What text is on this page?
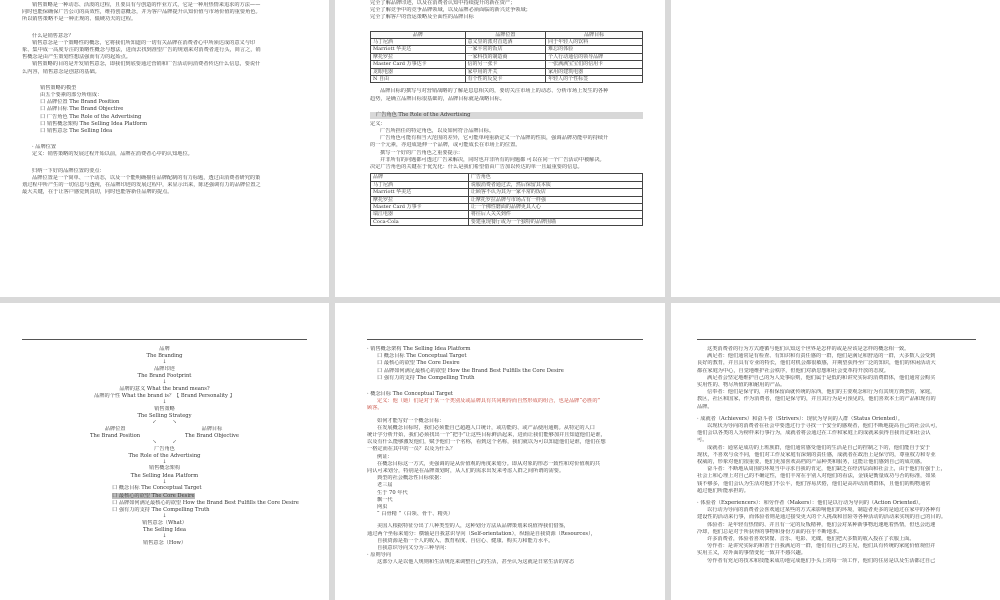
销售策略是一种动态、活泼的过程，且要具有与创造的作业方式，它是一种用热情来追求的方法——

同时也能保确保广告公司的高效性，维持创意概念，并为客户品牌提升认知价值与市场价值的重要角色。

所以销售策略不是一种正规的、僵硬功夫的过程。

什么是销售意念？

销售意念是一个策略性的概念，它将我们所知道的一切有关品牌在消费者心中所须达成的意义与印

象、集中成一高度专注的策略性概念与想法，进而去找到准望广告的规划来对消费者进行头，简言之，销

售概念是由产生策划性想法强而有力的起始点。

销售策略的目的是开发销售意念，即我们到底要通过营销和广告活动向消费者传达什么信息，要说什

么内容，销售意念是创意的基础。

销售策略的模型

由五个要素的部分所组成：

口 品牌位置 The Brand Position

口 品牌目标 The Brand Objective

口 广告角色 The Role of the Advertising

口 销售概念架构 The Selling Idea Platform

口 销售意念 The Selling Idea

· 品牌位置

定义：销售策略的发展过程开始以前，品牌在消费者心中的认知地位。

归纳一下好的品牌位置的要点：

品牌位置是一个简单、一个动态，以及一个能明确描任品牌配制的有力标题，透过由消费者研究的策

划过程中所产生的一切信息与透视，在品牌印迹的发展过程中，来显示出来，陈述强调有力的品牌位置之

最大关键，在于让客户感觉到真切，同时也能客新任品牌的提点。

完全了解品牌印迹，以及在消费者认知中持续提升的新在资产；

完全了解竞争中的竞争品牌领域，以及品牌必须面临的新兴竞争领域；

完全了解客户的营运策略及全面性的品牌目标

品牌	品牌位置	品牌目标
马丁尼酒	意义里的派对首选酒	同于年轻人的饮料
Marriott 华美达	一家平常的饭店	难忘的体验
摩托罗拉	一家科技的制造商	个人行动通信的领导品牌
Master Card 万事达卡	信的另一张卡	一张满满宝宝们的信用卡
龙眼电器	家中用的开关	家用的建筑电器
N 自由	有个性的反复卡	年轻人的个性标签

品牌目标的撰写与对营销战略的了解是息息相关的，要切关注市场上的动态、分析市场上发生的各种

趋势，是确立品牌目标很基础的，品牌目标就是战略目标。

广告角色 The Role of the Advertising

定义：

广告所担任的特定角色，以及如何符合品牌目标。

广告角色可能有相当大范围的差异，它可能单纯重新定义一个品牌的性质，强调品牌功能中的持续升

的一个元素，亦进成延伸一个品牌，或可能成长在市场上的位置。

撰写一个好的广告角色之重要提示：

并非所有的问题都可透过广告来解决，同时也并非所有的问题都 可以在同一个广告活动中被解决。

决定广告角色的关键在于优先化：什么是我们希望借由广告加以传达的单一且最重要的信息。

品牌	广告角色
马丁尼酒	说服消费者通过去，然后保留其本质
Marriott 华美达	让顾客不认为其为一家平常的饭店
摩托罗拉	让摩托罗拉品牌与市场占有一样强
Master Card 万事卡	让一个佛性磨面的品牌更具人心
瑞江电器	将往后人关关到件
Coca-Cola	要建重现餐厅或为一个独特的品牌围墙

品牌

The Branding

↓

品牌印迹

The Brand Footprint

↓

品牌的意义 What the brand means?

品牌的个性 What the brand is？【 Brand Personality 】

↓

销售策略

The Selling Strategy

↙          ↘

品牌位置

The Brand Position

品牌目标

The Brand Objective

↘          ↙

广告角色

The Role of the Advertising

↓

销售概念架构

The Selling Idea Platform

↓

口 概念目标 The Conceptual Target

口 最核心的欲望 The Core Desire

口 品牌如何满足最核心的欲望 How the Brand Best Fulfills the Core Desire

口 强有力的支持 The Compelling Truth

↓

销售意念（What）

The Selling Idea

↓

销售意念（How）

· 销售概念架构 The Selling Idea Platform

口 概念目标 The Conceptual Target

口 最核心的欲望 The Core Desire

口 品牌如何满足最核心的欲望 How the Brand Best Fulfills the Core Desire

口 强有力的支持 The Compelling Truth

· 概念目标 The Conceptual Target

定义：他（她）们是对于某一个类别及或品牌具有共同期待而自然形成的组合，也是品牌“必胜的”

顾客。

如何才能写好一个概念目标：

在发展概念目标时，我们必须能自已超越人口统计，或功能的、或产品使用通则。从特定的人口

统计学分析开始，我们必须找出一个“把手”让这些目标鲜活起来，进而让我们能够加并且知道他们是谁，

以及有什么能够激发他们，赋予他们一个名称，看到这个名称，我们就以为可以知道他们是谁，他们在想

一格定而在其中的一员？以及为什么？

例证：

在概念目标这一方式，更强调的是从价值观的角度来划分。即从对象的形态一致性和对价值观的共

同认可来划分，特别是在品牌策划时，从人们的需求出发来考虑人群之间所谓的需要。

典型的社会概念性目标依据：

老三届

生于 70 年代

飘一代

网虫

“ 白骨精 ”（白领、骨干、精英）

美国人根据特征分出了八种类型的人，这种划分方法从品牌策划来说值得我们借鉴，

通过两个坐标来划分：横轴是自我意识导向（Self-orientation），纵轴是自我资源（Resources），

自我资源是指一个人的收入、教育程度、自信心、健康、购买力和能力水平。

自我意识导向又分为三种导向：

· 原则导向

这部分人是以他人规则和生活规范来调整自己的生活，甚至认为这就是日常生活的常态

这类消费者的行为方式遵循与他们认知这个世界是怎样的或是应该是怎样的概念相一致。

满足者：他们通常是有检查、有知识和有责任感的一群，他们是满足和舒适的一群，大多数人会受到

良好的教育，并且具有专业的特长，他们对机会都很敏感，并期望获得至广泛的知识，他们的休闲活动大

都在家庭为中心，自觉地维护社会秩序，但他们对新思想和社会变革持开放的态度。

满足者会坚定地维护自己的为人处事原则，他们属于是低的和讲究实际的消费群体，他们通常会购买

实用性的、物尽所值的和耐用的产品。

信奉者：他们是保守的，并相保留面就传统的东西，他们的主要观念和行为有其规方典型的，家庭，

教区，社区和国家，作为消费者，他们是保守的，并且其行为是可预见的，他们喜欢本土的产品和现有的

品牌。

· 成就者（Achievers）和奋斗者（Strivers）：现状为导向的人群（Status Oriented）。

以现状为导向的消费者在社会中要透过行于寻找一个安全的感观者，他们不断地提高自己的社会认可，

他们会以各类的人为榜样来行事行为，成就者将会通过在工作和家庭上的成就来获得自我肯定和社会认

可。

成就者：通常是成功的上班族群，他们通常感受他们的生活是自己的控制之下的，他们能自于安于

现状，不喜欢与众不同，他们对工作及家庭有深刻的责任感，成就者在政治上是保守的，尊重权力和专业

权威的，形象对他们很重要，他们更加喜欢高档的产品种类和服务，这能让他们感到自己的成功感。

奋斗者：不断地从周围的环境当中寻求自我的肯定，他们缺乏在经济层面和社会上，由于他们有强于上，

社会上和心理上对自己的不确定性，他们丰常在乎别人对他们的看法，金钱是衡量成功与否的标准，如果

钱不够多，他们会认为生活对他们不公平，他们容易厌倦，他们是高冲动消费群体，且他们的购物通常

超过他们所能承担的。

· 体验者（Experiencers）：和劳作者（Makers）：他们是以行动为导向的（Action Oriented）。

以行动为导向的消费者会喜欢通过某些的方式来影响他们的环境，制造者更多的是通过在家中的各种有

建设性的活动来行事，而体验者则是通过接受更大的个人挑战和冒险等各种活动的活动来实现的自己的目的。

体验者：是年轻有热情的、并且有一定的反叛精神，他们会对某种新事物迅速地着热情，但也会迅速

冷却，他们总是对于所获得的事物和身份方面的在乎不断地求。

许多消费者，体验者喜欢快餐、音乐、电影、光碟，他们把大多数的收入投在了衣服上面。

劳作者：是讲究实际的和善于自我满足的一群，他们有自己的主见，他们具有传统的家庭价值观但并

实用主义，对外面的事情变化一致并不感兴趣。

劳作者有充足的技术和技能来成功地完成他们手头上的每一项工作，他们的住房是以及生活都过自己
